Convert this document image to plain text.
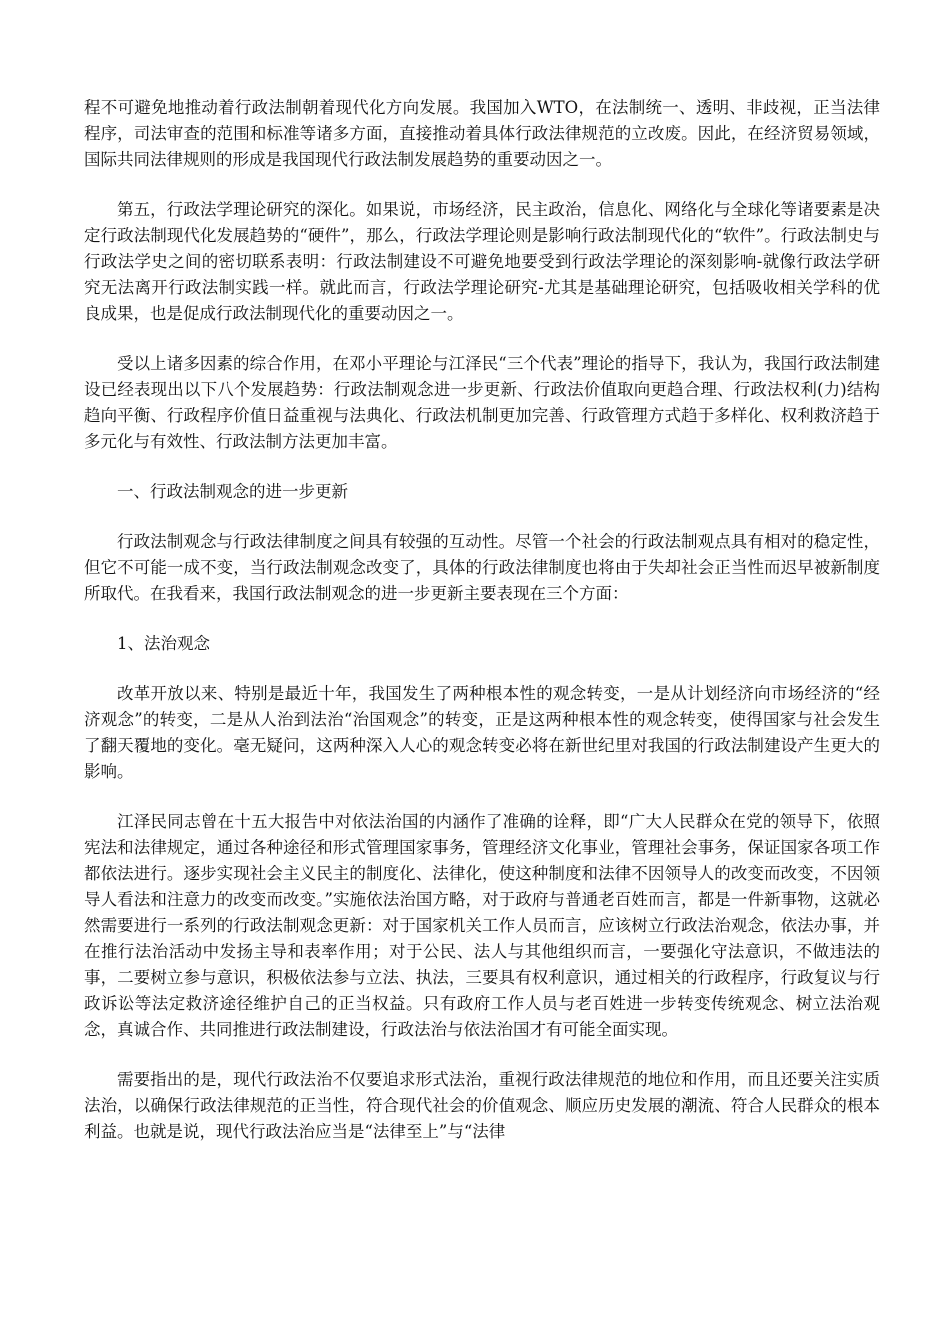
程不可避免地推动着行政法制朝着现代化方向发展。我国加入WTO，在法制统一、透明、非歧视，正当法律程序，司法审查的范围和标准等诸多方面，直接推动着具体行政法律规范的立改废。因此，在经济贸易领域，国际共同法律规则的形成是我国现代行政法制发展趋势的重要动因之一。

第五，行政法学理论研究的深化。如果说，市场经济，民主政治，信息化、网络化与全球化等诸要素是决定行政法制现代化发展趋势的“硬件”，那么，行政法学理论则是影响行政法制现代化的“软件”。行政法制史与行政法学史之间的密切联系表明：行政法制建设不可避免地要受到行政法学理论的深刻影响-就像行政法学研究无法离开行政法制实践一样。就此而言，行政法学理论研究-尤其是基础理论研究，包括吸收相关学科的优良成果，也是促成行政法制现代化的重要动因之一。

受以上诸多因素的综合作用，在邓小平理论与江泽民“三个代表”理论的指导下，我认为，我国行政法制建设已经表现出以下八个发展趋势：行政法制观念进一步更新、行政法价值取向更趋合理、行政法权利(力)结构趋向平衡、行政程序价值日益重视与法典化、行政法机制更加完善、行政管理方式趋于多样化、权利救济趋于多元化与有效性、行政法制方法更加丰富。

一、行政法制观念的进一步更新

行政法制观念与行政法律制度之间具有较强的互动性。尽管一个社会的行政法制观点具有相对的稳定性，但它不可能一成不变，当行政法制观念改变了，具体的行政法律制度也将由于失却社会正当性而迟早被新制度所取代。在我看来，我国行政法制观念的进一步更新主要表现在三个方面：

1、法治观念

改革开放以来、特别是最近十年，我国发生了两种根本性的观念转变，一是从计划经济向市场经济的“经济观念”的转变，二是从人治到法治“治国观念”的转变，正是这两种根本性的观念转变，使得国家与社会发生了翻天覆地的变化。毫无疑问，这两种深入人心的观念转变必将在新世纪里对我国的行政法制建设产生更大的影响。

江泽民同志曾在十五大报告中对依法治国的内涵作了准确的诠释，即“广大人民群众在党的领导下，依照宪法和法律规定，通过各种途径和形式管理国家事务，管理经济文化事业，管理社会事务，保证国家各项工作都依法进行。逐步实现社会主义民主的制度化、法律化，使这种制度和法律不因领导人的改变而改变，不因领导人看法和注意力的改变而改变。”实施依法治国方略，对于政府与普通老百姓而言，都是一件新事物，这就必然需要进行一系列的行政法制观念更新：对于国家机关工作人员而言，应该树立行政法治观念，依法办事，并在推行法治活动中发扬主导和表率作用；对于公民、法人与其他组织而言，一要强化守法意识，不做违法的事，二要树立参与意识，积极依法参与立法、执法，三要具有权利意识，通过相关的行政程序，行政复议与行政诉讼等法定救济途径维护自己的正当权益。只有政府工作人员与老百姓进一步转变传统观念、树立法治观念，真诚合作、共同推进行政法制建设，行政法治与依法治国才有可能全面实现。

需要指出的是，现代行政法治不仅要追求形式法治，重视行政法律规范的地位和作用，而且还要关注实质法治，以确保行政法律规范的正当性，符合现代社会的价值观念、顺应历史发展的潮流、符合人民群众的根本利益。也就是说，现代行政法治应当是“法律至上”与“法律
